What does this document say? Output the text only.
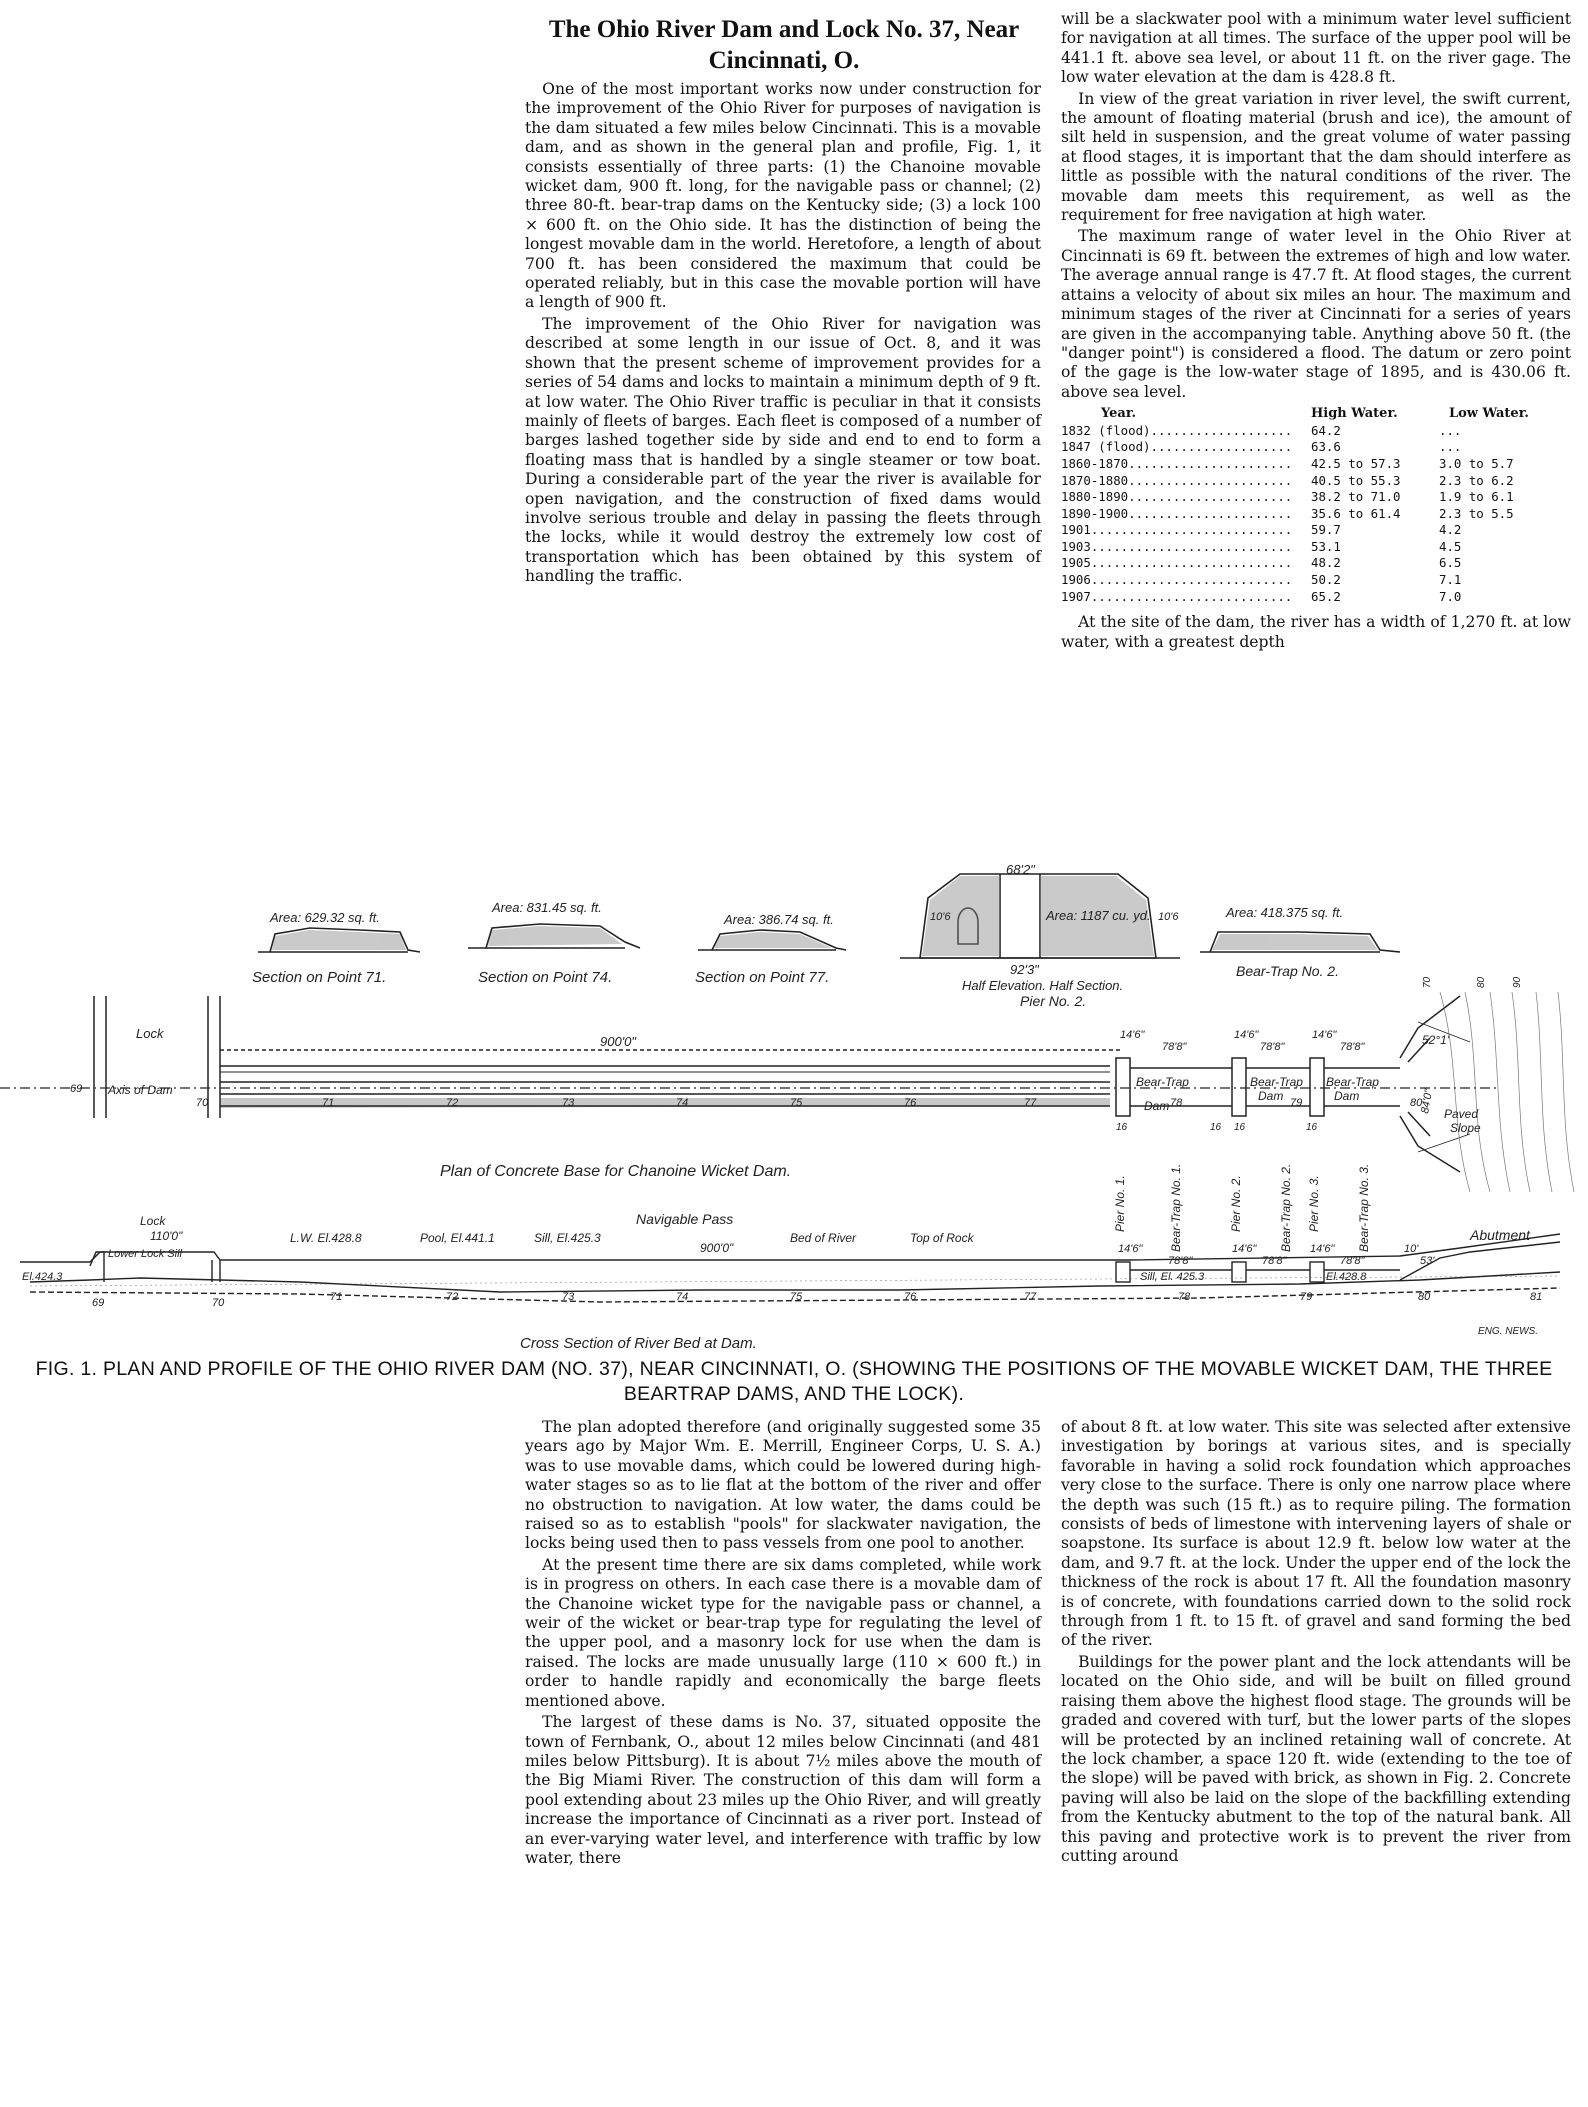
The Ohio River Dam and Lock No. 37, Near Cincinnati, O.

One of the most important works now under construction for the improvement of the Ohio River for purposes of navigation is the dam situated a few miles below Cincinnati. This is a movable dam, and as shown in the general plan and profile, Fig. 1, it consists essentially of three parts: (1) the Chanoine movable wicket dam, 900 ft. long, for the navigable pass or channel; (2) three 80-ft. bear-trap dams on the Kentucky side; (3) a lock 100 × 600 ft. on the Ohio side. It has the distinction of being the longest movable dam in the world. Heretofore, a length of about 700 ft. has been considered the maximum that could be operated reliably, but in this case the movable portion will have a length of 900 ft.

The improvement of the Ohio River for navigation was described at some length in our issue of Oct. 8, and it was shown that the present scheme of improvement provides for a series of 54 dams and locks to maintain a minimum depth of 9 ft. at low water. The Ohio River traffic is peculiar in that it consists mainly of fleets of barges. Each fleet is composed of a number of barges lashed together side by side and end to end to form a floating mass that is handled by a single steamer or tow boat. During a considerable part of the year the river is available for open navigation, and the construction of fixed dams would involve serious trouble and delay in passing the fleets through the locks, while it would destroy the extremely low cost of transportation which has been obtained by this system of handling the traffic.

will be a slackwater pool with a minimum water level sufficient for navigation at all times. The surface of the upper pool will be 441.1 ft. above sea level, or about 11 ft. on the river gage. The low water elevation at the dam is 428.8 ft.

In view of the great variation in river level, the swift current, the amount of floating material (brush and ice), the amount of silt held in suspension, and the great volume of water passing at flood stages, it is important that the dam should interfere as little as possible with the natural conditions of the river. The movable dam meets this requirement, as well as the requirement for free navigation at high water.

The maximum range of water level in the Ohio River at Cincinnati is 69 ft. between the extremes of high and low water. The average annual range is 47.7 ft. At flood stages, the current attains a velocity of about six miles an hour. The maximum and minimum stages of the river at Cincinnati for a series of years are given in the accompanying table. Anything above 50 ft. (the "danger point") is considered a flood. The datum or zero point of the gage is the low-water stage of 1895, and is 430.06 ft. above sea level.

Year.	High Water.	Low Water.
1832 (flood)...................	64.2	...
1847 (flood)...................	63.6	...
1860-1870......................	42.5 to 57.3	3.0 to 5.7
1870-1880......................	40.5 to 55.3	2.3 to 6.2
1880-1890......................	38.2 to 71.0	1.9 to 6.1
1890-1900......................	35.6 to 61.4	2.3 to 5.5
1901...........................	59.7	4.2
1903...........................	53.1	4.5
1905...........................	48.2	6.5
1906...........................	50.2	7.1
1907...........................	65.2	7.0

At the site of the dam, the river has a width of 1,270 ft. at low water, with a greatest depth

Area: 629.32 sq. ft.
Section on Point 71.
Area: 831.45 sq. ft.
Section on Point 74.
Area: 386.74 sq. ft.
Section on Point 77.
68'2"
92'3"
10'6	10'6
Area: 1187 cu. yd.
Half Elevation. Half Section.
Pier No. 2.
Area: 418.375 sq. ft.
Bear-Trap No. 2.
Lock
Axis of Dam
900'0"	14'6"
78'8"
14'6"
78'8"
14'6"
78'8"
Bear-Trap
Dam
Bear-Trap
Dam
Bear-Trap
Dam
52°1'
Paved
Slope
84'0"
Plan of Concrete Base for Chanoine Wicket Dam.
69
70	71	72	73	74	75	76	77	78	79	80
Pier No. 1.	Bear-Trap No. 1.	Pier No. 2.	Bear-Trap No. 2. Pier No. 3.	Bear-Trap No. 3.
16	16 16	16
70	80	90
Lock
110'0"
Lower Lock Sill
El.424.3
L.W. El.428.8	Pool, El.441.1	Sill, El.425.3
Navigable Pass
900'0"
Bed of River	Top of Rock
14'6"
78'8"
14'6"
78'8"
14'6"
78'8"
Sill, El. 425.3	El.428.8
10'
53'
Abutment
Cross Section of River Bed at Dam.
ENG. NEWS.
69	70	71	72	73	74	75	76	77	78	79	80	81
FIG. 1. PLAN AND PROFILE OF THE OHIO RIVER DAM (NO. 37), NEAR CINCINNATI, O. (SHOWING THE POSITIONS OF THE MOVABLE WICKET DAM, THE THREE BEARTRAP DAMS, AND THE LOCK).

The plan adopted therefore (and originally suggested some 35 years ago by Major Wm. E. Merrill, Engineer Corps, U. S. A.) was to use movable dams, which could be lowered during high-water stages so as to lie flat at the bottom of the river and offer no obstruction to navigation. At low water, the dams could be raised so as to establish "pools" for slackwater navigation, the locks being used then to pass vessels from one pool to another.

At the present time there are six dams completed, while work is in progress on others. In each case there is a movable dam of the Chanoine wicket type for the navigable pass or channel, a weir of the wicket or bear-trap type for regulating the level of the upper pool, and a masonry lock for use when the dam is raised. The locks are made unusually large (110 × 600 ft.) in order to handle rapidly and economically the barge fleets mentioned above.

The largest of these dams is No. 37, situated opposite the town of Fernbank, O., about 12 miles below Cincinnati (and 481 miles below Pittsburg). It is about 7½ miles above the mouth of the Big Miami River. The construction of this dam will form a pool extending about 23 miles up the Ohio River, and will greatly increase the importance of Cincinnati as a river port. Instead of an ever-varying water level, and interference with traffic by low water, there

of about 8 ft. at low water. This site was selected after extensive investigation by borings at various sites, and is specially favorable in having a solid rock foundation which approaches very close to the surface. There is only one narrow place where the depth was such (15 ft.) as to require piling. The formation consists of beds of limestone with intervening layers of shale or soapstone. Its surface is about 12.9 ft. below low water at the dam, and 9.7 ft. at the lock. Under the upper end of the lock the thickness of the rock is about 17 ft. All the foundation masonry is of concrete, with foundations carried down to the solid rock through from 1 ft. to 15 ft. of gravel and sand forming the bed of the river.

Buildings for the power plant and the lock attendants will be located on the Ohio side, and will be built on filled ground raising them above the highest flood stage. The grounds will be graded and covered with turf, but the lower parts of the slopes will be protected by an inclined retaining wall of concrete. At the lock chamber, a space 120 ft. wide (extending to the toe of the slope) will be paved with brick, as shown in Fig. 2. Concrete paving will also be laid on the slope of the backfilling extending from the Kentucky abutment to the top of the natural bank. All this paving and protective work is to prevent the river from cutting around
